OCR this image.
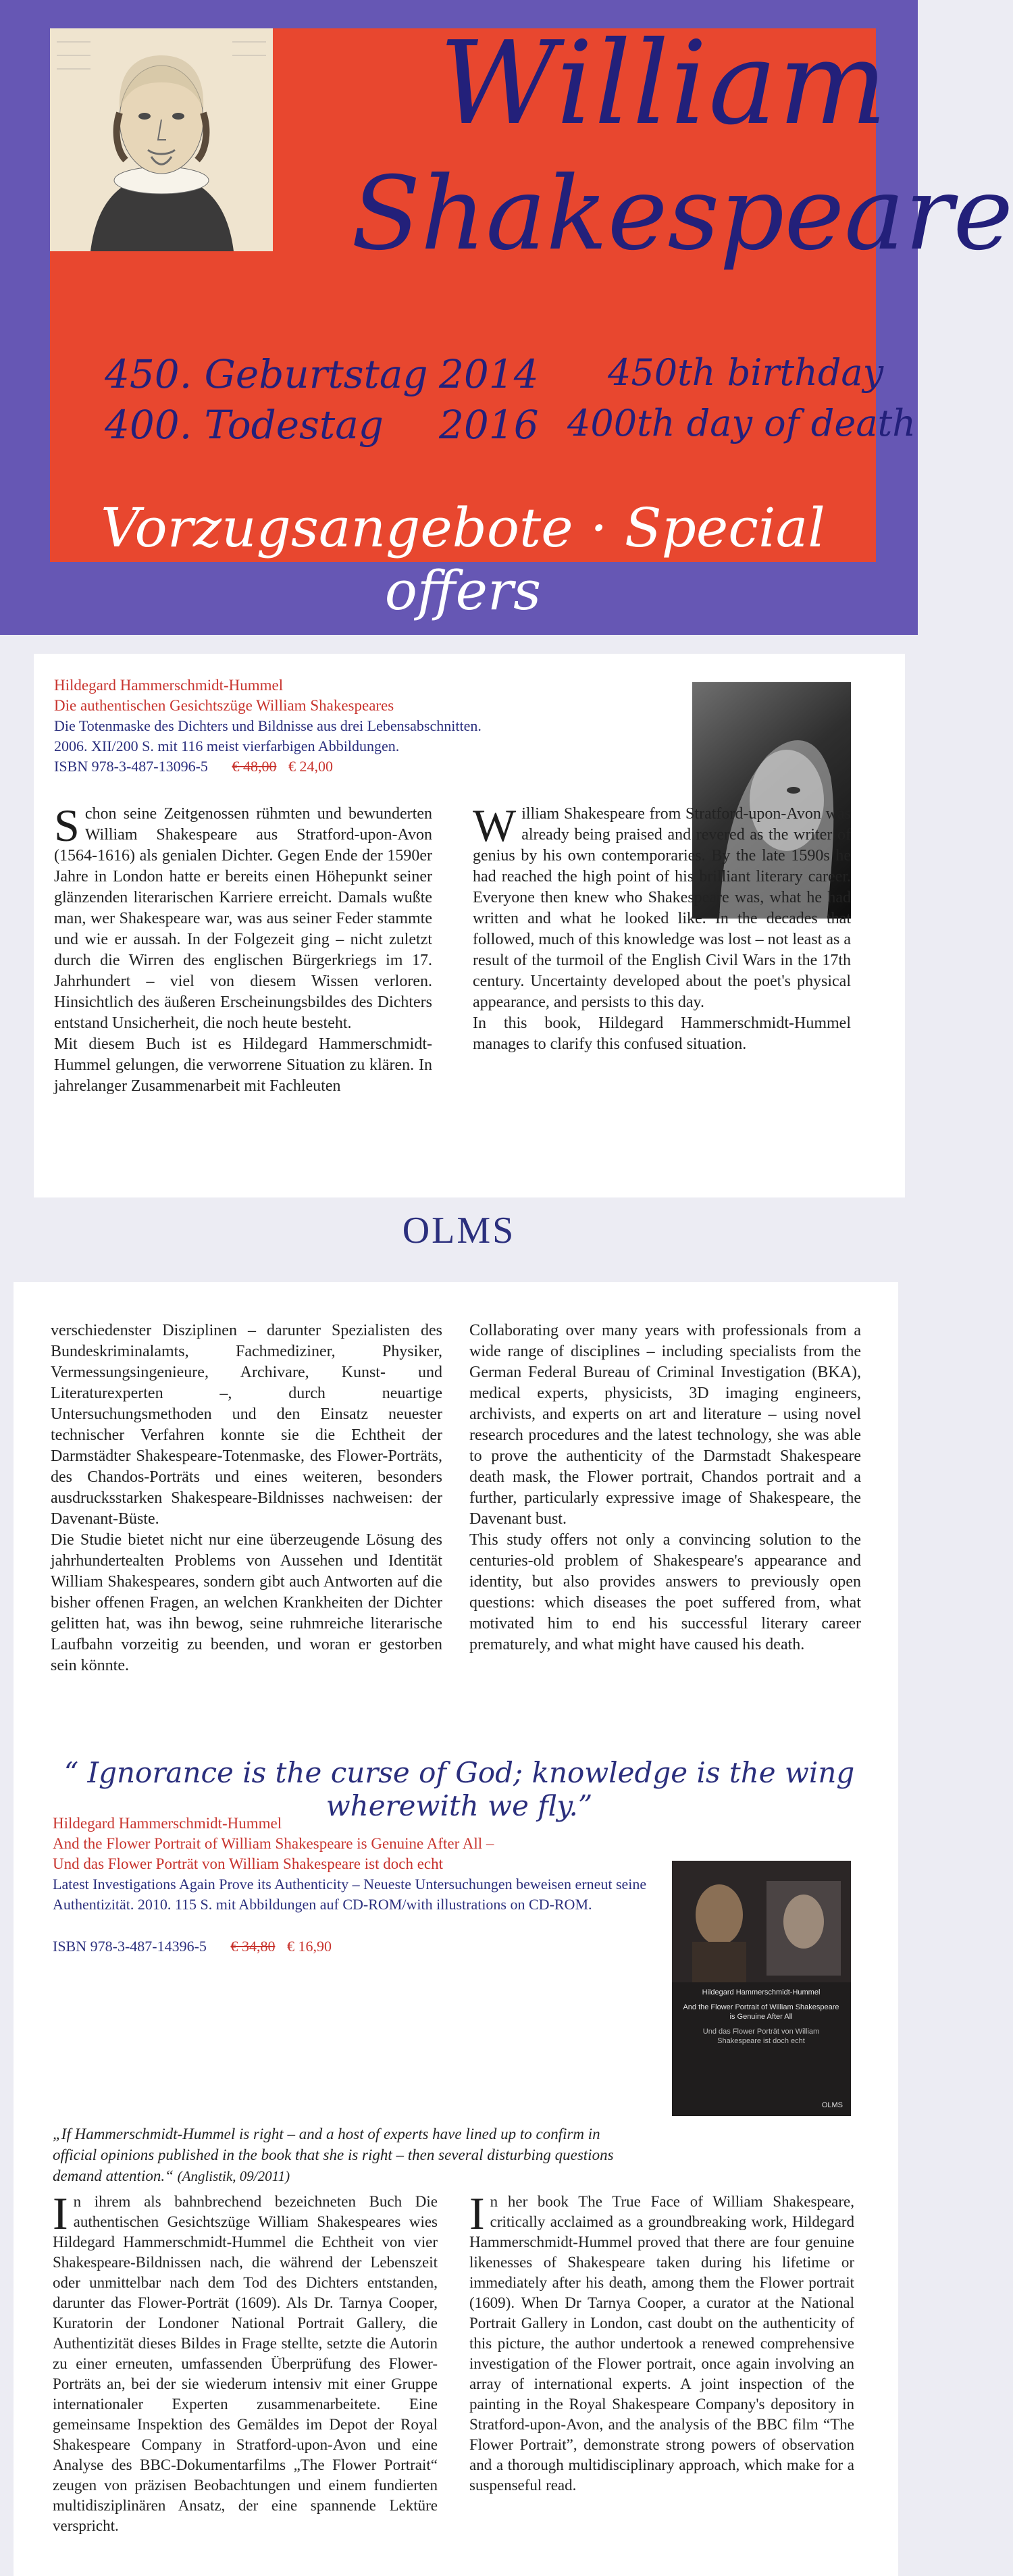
William
Shakespeare
450. Geburtstag
400. Todestag
2014
2016
450th birthday
400th day of death
Vorzugsangebote · Special offers
Hildegard Hammerschmidt-Hummel
Die authentischen Gesichtszüge William Shakespeares
Die Totenmaske des Dichters und Bildnisse aus drei Lebensabschnitten.
2006. XII/200 S. mit 116 meist vierfarbigen Abbildungen.
ISBN 978-3-487-13096-5 € 48,00 € 24,00
S chon seine Zeitgenossen rühmten und bewunderten William Shakespeare aus Stratford-upon-Avon (1564-1616) als genialen Dichter. Gegen Ende der 1590er Jahre in London hatte er bereits einen Höhepunkt seiner glänzenden literarischen Karriere erreicht. Damals wußte man, wer Shakespeare war, was aus seiner Feder stammte und wie er aussah. In der Folgezeit ging – nicht zuletzt durch die Wirren des englischen Bürgerkriegs im 17. Jahrhundert – viel von diesem Wissen verloren. Hinsichtlich des äußeren Erscheinungsbildes des Dichters entstand Unsicherheit, die noch heute besteht.
Mit diesem Buch ist es Hildegard Hammerschmidt-Hummel gelungen, die verworrene Situation zu klären. In jahrelanger Zusammenarbeit mit Fachleuten
W illiam Shakespeare from Stratford-upon-Avon was already being praised and revered as the writer of genius by his own contemporaries. By the late 1590s he had reached the high point of his brilliant literary career. Everyone then knew who Shakespeare was, what he had written and what he looked like. In the decades that followed, much of this knowledge was lost – not least as a result of the turmoil of the English Civil Wars in the 17th century. Uncertainty developed about the poet's physical appearance, and persists to this day.
In this book, Hildegard Hammerschmidt-Hummel manages to clarify this confused situation.
OLMS
verschiedenster Disziplinen – darunter Spezialisten des Bundeskriminalamts, Fachmediziner, Physiker, Vermessungsingenieure, Archivare, Kunst- und Literaturexperten –, durch neuartige Untersuchungsmethoden und den Einsatz neuester technischer Verfahren konnte sie die Echtheit der Darmstädter Shakespeare-Totenmaske, des Flower-Porträts, des Chandos-Porträts und eines weiteren, besonders ausdrucksstarken Shakespeare-Bildnisses nachweisen: der Davenant-Büste.
Die Studie bietet nicht nur eine überzeugende Lösung des jahrhundertealten Problems von Aussehen und Identität William Shakespeares, sondern gibt auch Antworten auf die bisher offenen Fragen, an welchen Krankheiten der Dichter gelitten hat, was ihn bewog, seine ruhmreiche literarische Laufbahn vorzeitig zu beenden, und woran er gestorben sein könnte.
Collaborating over many years with professionals from a wide range of disciplines – including specialists from the German Federal Bureau of Criminal Investigation (BKA), medical experts, physicists, 3D imaging engineers, archivists, and experts on art and literature – using novel research procedures and the latest technology, she was able to prove the authenticity of the Darmstadt Shakespeare death mask, the Flower portrait, Chandos portrait and a further, particularly expressive image of Shakespeare, the Davenant bust.
This study offers not only a convincing solution to the centuries-old problem of Shakespeare's appearance and identity, but also provides answers to previously open questions: which diseases the poet suffered from, what motivated him to end his successful literary career prematurely, and what might have caused his death.
“ Ignorance is the curse of God; knowledge is the wing wherewith we fly.”
Hildegard Hammerschmidt-Hummel
And the Flower Portrait of William Shakespeare is Genuine After All –
Und das Flower Porträt von William Shakespeare ist doch echt
Latest Investigations Again Prove its Authenticity – Neueste Untersuchungen beweisen erneut seine Authentizität. 2010. 115 S. mit Abbildungen auf CD-ROM/with illustrations on CD-ROM.
ISBN 978-3-487-14396-5 € 34,80 € 16,90
Hildegard Hammerschmidt-Hummel
And the Flower Portrait of William Shakespeare is Genuine After All
Und das Flower Porträt von William Shakespeare ist doch echt
OLMS
„If Hammerschmidt-Hummel is right – and a host of experts have lined up to confirm in official opinions published in the book that she is right – then several disturbing questions demand attention.“ (Anglistik, 09/2011)
I n ihrem als bahnbrechend bezeichneten Buch Die authentischen Gesichtszüge William Shakespeares wies Hildegard Hammerschmidt-Hummel die Echtheit von vier Shakespeare-Bildnissen nach, die während der Lebenszeit oder unmittelbar nach dem Tod des Dichters entstanden, darunter das Flower-Porträt (1609). Als Dr. Tarnya Cooper, Kuratorin der Londoner National Portrait Gallery, die Authentizität dieses Bildes in Frage stellte, setzte die Autorin zu einer erneuten, umfassenden Überprüfung des Flower-Porträts an, bei der sie wiederum intensiv mit einer Gruppe internationaler Experten zusammenarbeitete. Eine gemeinsame Inspektion des Gemäldes im Depot der Royal Shakespeare Company in Stratford-upon-Avon und eine Analyse des BBC-Dokumentarfilms „The Flower Portrait“ zeugen von präzisen Beobachtungen und einem fundierten multidisziplinären Ansatz, der eine spannende Lektüre verspricht.
I n her book The True Face of William Shakespeare, critically acclaimed as a groundbreaking work, Hildegard Hammerschmidt-Hummel proved that there are four genuine likenesses of Shakespeare taken during his lifetime or immediately after his death, among them the Flower portrait (1609). When Dr Tarnya Cooper, a curator at the National Portrait Gallery in London, cast doubt on the authenticity of this picture, the author undertook a renewed comprehensive investigation of the Flower portrait, once again involving an array of international experts. A joint inspection of the painting in the Royal Shakespeare Company's depository in Stratford-upon-Avon, and the analysis of the BBC film “The Flower Portrait”, demonstrate strong powers of observation and a thorough multidisciplinary approach, which make for a suspenseful read.
